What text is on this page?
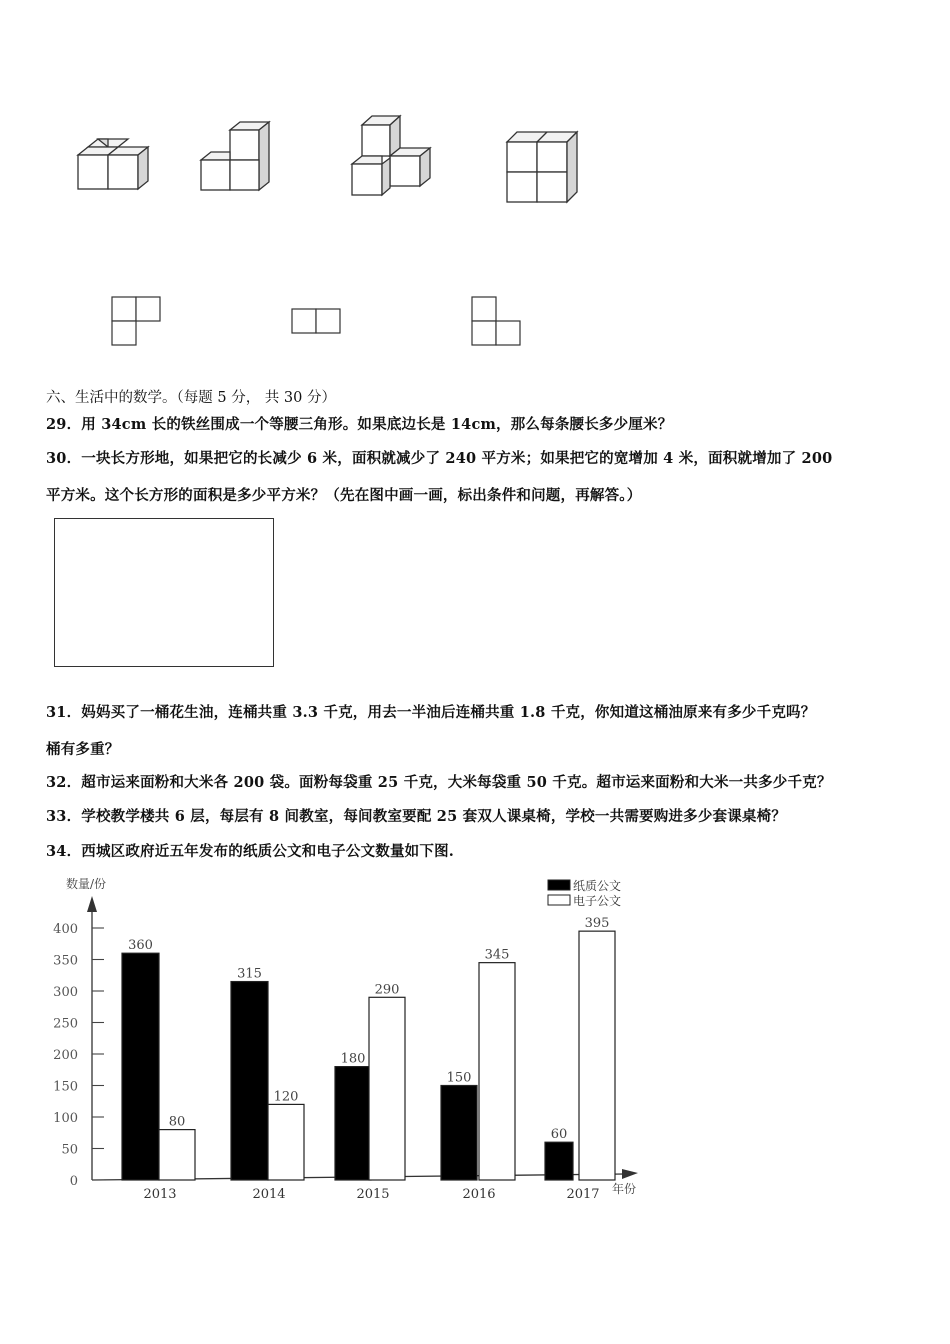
六、生活中的数学。（每题 5 分， 共 30 分）
29．用 34cm 长的铁丝围成一个等腰三角形。如果底边长是 14cm，那么每条腰长多少厘米？
30．一块长方形地，如果把它的长减少 6 米，面积就减少了 240 平方米；如果把它的宽增加 4 米，面积就增加了 200
平方米。这个长方形的面积是多少平方米？（先在图中画一画，标出条件和问题，再解答。）
31．妈妈买了一桶花生油，连桶共重 3.3 千克，用去一半油后连桶共重 1.8 千克，你知道这桶油原来有多少千克吗？
桶有多重？
32．超市运来面粉和大米各 200 袋。面粉每袋重 25 千克，大米每袋重 50 千克。超市运来面粉和大米一共多少千克？
33．学校教学楼共 6 层，每层有 8 间教室，每间教室要配 25 套双人课桌椅，学校一共需要购进多少套课桌椅？
34．西城区政府近五年发布的纸质公文和电子公文数量如下图.
数量/份
年份
0
50
100
150
200
250
300
350
400
360
80
2013
315
120
2014
180
290
2015
150
345
2016
60
395
2017
纸质公文
电子公文
